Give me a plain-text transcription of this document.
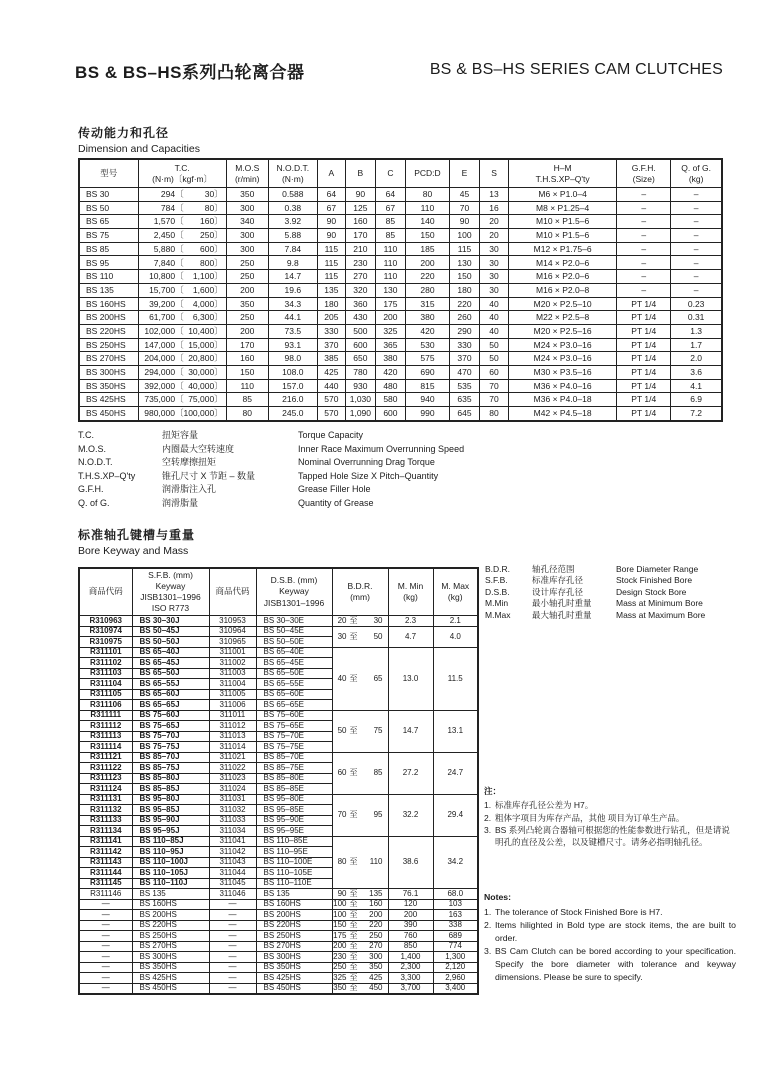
BS & BS–HS系列凸轮离合器	BS & BS–HS SERIES CAM CLUTCHES
传动能力和孔径
Dimension and Capacities
型号

T.C.
(N·m)〔kgf·m〕

M.O.S
(r/min)

N.O.D.T.
(N·m)

A	B	C	PCD:D	E	S

H–M
T.H.S.XP–Q'ty

G.F.H.
(Size)

Q. of G.
(kg)

BS 30	294〔 30〕	350	0.588	64	90	64	80	45	13	M6 × P1.0–4	–	–
BS 50	784〔 80〕	300	0.38	67	125	67	110	70	16	M8 × P1.25–4	–	–
BS 65	1,570〔 160〕	340	3.92	90	160	85	140	90	20	M10 × P1.5–6	–	–
BS 75	2,450〔 250〕	300	5.88	90	170	85	150	100	20	M10 × P1.5–6	–	–
BS 85	5,880〔 600〕	300	7.84	115	210	110	185	115	30	M12 × P1.75–6	–	–
BS 95	7,840〔 800〕	250	9.8	115	230	110	200	130	30	M14 × P2.0–6	–	–
BS 110	10,800〔 1,100〕	250	14.7	115	270	110	220	150	30	M16 × P2.0–6	–	–
BS 135	15,700〔 1,600〕	200	19.6	135	320	130	280	180	30	M16 × P2.0–8	–	–
BS 160HS	39,200〔 4,000〕	350	34.3	180	360	175	315	220	40	M20 × P2.5–10	PT 1/4	0.23
BS 200HS	61,700〔 6,300〕	250	44.1	205	430	200	380	260	40	M22 × P2.5–8	PT 1/4	0.31
BS 220HS	102,000〔 10,400〕	200	73.5	330	500	325	420	290	40	M20 × P2.5–16	PT 1/4	1.3
BS 250HS	147,000〔 15,000〕	170	93.1	370	600	365	530	330	50	M24 × P3.0–16	PT 1/4	1.7
BS 270HS	204,000〔 20,800〕	160	98.0	385	650	380	575	370	50	M24 × P3.0–16	PT 1/4	2.0
BS 300HS	294,000〔 30,000〕	150	108.0	425	780	420	690	470	60	M30 × P3.5–16	PT 1/4	3.6
BS 350HS	392,000〔 40,000〕	110	157.0	440	930	480	815	535	70	M36 × P4.0–16	PT 1/4	4.1
BS 425HS	735,000〔 75,000〕	85	216.0	570	1,030	580	940	635	70	M36 × P4.0–18	PT 1/4	6.9
BS 450HS	980,000〔 100,000〕	80	245.0	570	1,090	600	990	645	80	M42 × P4.5–18	PT 1/4	7.2
T.C.	扭矩容量	Torque Capacity
M.O.S.	内圈最大空转速度	Inner Race Maximum Overrunning Speed
N.O.D.T.	空转摩擦扭矩	Nominal Overrunning Drag Torque
T.H.S.XP–Q'ty	锥孔尺寸 X 节距 – 数量	Tapped Hole Size X Pitch–Quantity
G.F.H.	润滑脂注入孔	Grease Filler Hole
Q. of G.	润滑脂量	Quantity of Grease
标准轴孔键槽与重量
Bore Keyway and Mass
B.D.R.	轴孔径范围	Bore Diameter Range
S.F.B.	标准库存孔径	Stock Finished Bore
D.S.B.	设计库存孔径	Design Stock Bore
M.Min	最小轴孔时重量	Mass at Minimum Bore
M.Max	最大轴孔时重量	Mass at Maximum Bore
商品代码

S.F.B. (mm)
Keyway
JISB1301–1996
ISO R773

商品代码

D.S.B. (mm)
Keyway
JISB1301–1996

B.D.R.
(mm)

M. Min
(kg)

M. Max
(kg)

R310963	BS 30–30J	310953	BS 30–30E	20 至 30	2.3	2.1
R310974	BS 50–45J	310964	BS 50–45E	30 至 50	4.7	4.0
R310975	BS 50–50J	310965	BS 50–50E			
R311101	BS 65–40J	311001	BS 65–40E	40 至 65	13.0	11.5
R311102	BS 65–45J	311002	BS 65–45E			
R311103	BS 65–50J	311003	BS 65–50E			
R311104	BS 65–55J	311004	BS 65–55E			
R311105	BS 65–60J	311005	BS 65–60E			
R311106	BS 65–65J	311006	BS 65–65E			
R311111	BS 75–60J	311011	BS 75–60E	50 至 75	14.7	13.1
R311112	BS 75–65J	311012	BS 75–65E			
R311113	BS 75–70J	311013	BS 75–70E			
R311114	BS 75–75J	311014	BS 75–75E			
R311121	BS 85–70J	311021	BS 85–70E	60 至 85	27.2	24.7
R311122	BS 85–75J	311022	BS 85–75E			
R311123	BS 85–80J	311023	BS 85–80E			
R311124	BS 85–85J	311024	BS 85–85E			
R311131	BS 95–80J	311031	BS 95–80E	70 至 95	32.2	29.4
R311132	BS 95–85J	311032	BS 95–85E			
R311133	BS 95–90J	311033	BS 95–90E			
R311134	BS 95–95J	311034	BS 95–95E			
R311141	BS 110–85J	311041	BS 110–85E	80 至 110	38.6	34.2
R311142	BS 110–95J	311042	BS 110–95E			
R311143	BS 110–100J	311043	BS 110–100E			
R311144	BS 110–105J	311044	BS 110–105E			
R311145	BS 110–110J	311045	BS 110–110E			
R311146	BS 135	311046	BS 135	90 至 135	76.1	68.0
—	BS 160HS	—	BS 160HS	100 至 160	120	103
—	BS 200HS	—	BS 200HS	100 至 200	200	163
—	BS 220HS	—	BS 220HS	150 至 220	390	338
—	BS 250HS	—	BS 250HS	175 至 250	760	689
—	BS 270HS	—	BS 270HS	200 至 270	850	774
—	BS 300HS	—	BS 300HS	230 至 300	1,400	1,300
—	BS 350HS	—	BS 350HS	250 至 350	2,300	2,120
—	BS 425HS	—	BS 425HS	325 至 425	3,300	2,960
—	BS 450HS	—	BS 450HS	350 至 450	3,700	3,400
注：
1. 标准库存孔径公差为 H7。
2. 粗体字项目为库存产品，其他 项目为订单生产品。
3. BS 系列凸轮离合器轴可根据您的性能参数进行钻孔，但是请说明孔的直径及公差，以及键槽尺寸。请务必指明轴孔径。
Notes:
1. The tolerance of Stock Finished Bore is H7.
2. Items hilighted in Bold type are stock items, the are built to order.
3. BS Cam Clutch can be bored according to your specification. Specify the bore diameter with tolerance and keyway dimensions. Please be sure to specify.
